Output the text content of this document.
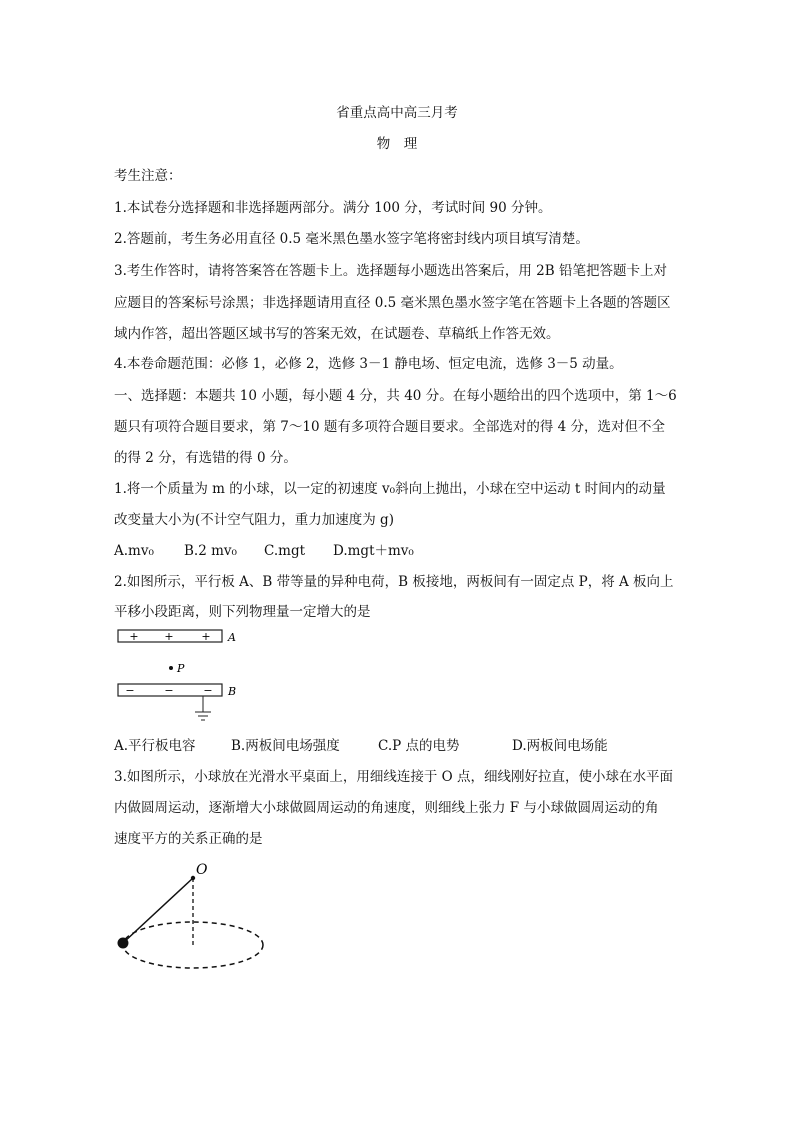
省重点高中高三月考
物　理
考生注意：
1.本试卷分选择题和非选择题两部分。满分 100 分，考试时间 90 分钟。
2.答题前，考生务必用直径 0.5 毫米黑色墨水签字笔将密封线内项目填写清楚。
3.考生作答时，请将答案答在答题卡上。选择题每小题选出答案后，用 2B 铅笔把答题卡上对
应题目的答案标号涂黑；非选择题请用直径 0.5 毫米黑色墨水签字笔在答题卡上各题的答题区
域内作答，超出答题区域书写的答案无效，在试题卷、草稿纸上作答无效。
4.本卷命题范围：必修 1，必修 2，选修 3－1 静电场、恒定电流，选修 3－5 动量。
一、选择题：本题共 10 小题，每小题 4 分，共 40 分。在每小题给出的四个选项中，第 1～6
题只有项符合题目要求，第 7～10 题有多项符合题目要求。全部选对的得 4 分，选对但不全
的得 2 分，有选错的得 0 分。
1.将一个质量为 m 的小球，以一定的初速度 v₀斜向上抛出，小球在空中运动 t 时间内的动量
改变量大小为(不计空气阻力，重力加速度为 g)
A.mv₀ B.2 mv₀ C.mgt D.mgt＋mv₀
2.如图所示，平行板 A、B 带等量的异种电荷，B 板接地，两板间有一固定点 P，将 A 板向上
平移小段距离，则下列物理量一定增大的是
+ +	+ A
P
−	−	− B
A.平行板电容	B.两板间电场强度	C.P 点的电势	D.两板间电场能
3.如图所示，小球放在光滑水平桌面上，用细线连接于 O 点，细线刚好拉直，使小球在水平面
内做圆周运动，逐渐增大小球做圆周运动的角速度，则细线上张力 F 与小球做圆周运动的角
速度平方的关系正确的是
O
